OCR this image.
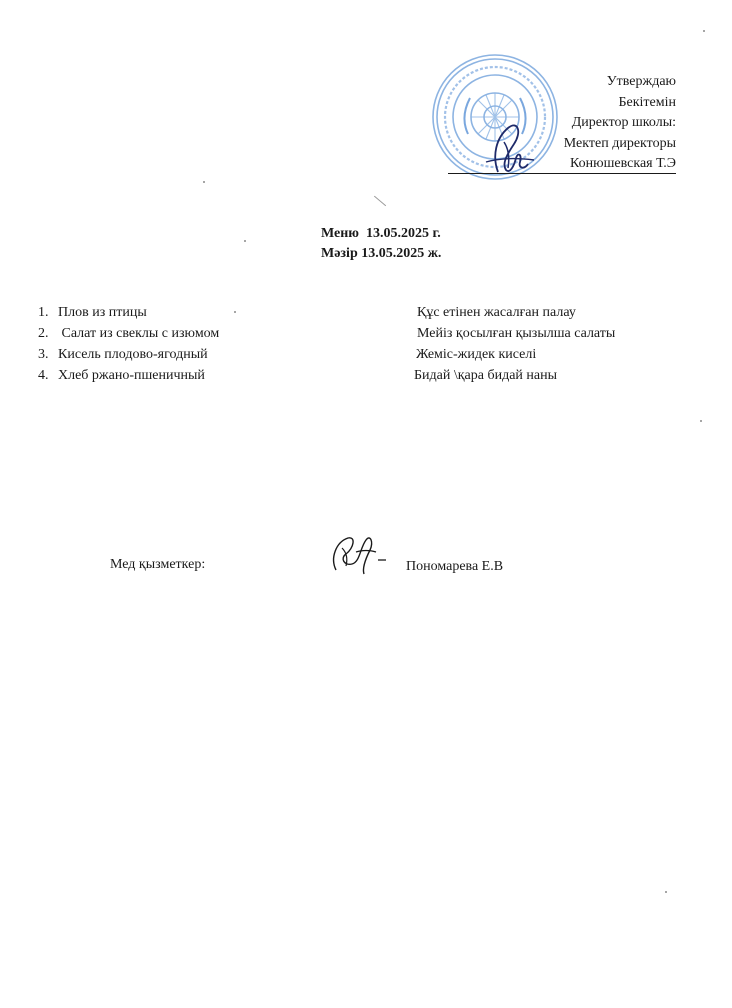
Утверждаю
Бекітемін
Директор школы:
Мектеп директоры
Конюшевская Т.Э
Меню  13.05.2025 г.
Мәзір 13.05.2025 ж.
1. Плов из птицы
2. Салат из свеклы с изюмом
3. Кисель плодово-ягодный
4. Хлеб ржано-пшеничный
Құс етінен жасалған палау
Мейіз қосылған қызылша салаты
Жеміс-жидек киселі
Бидай \қара бидай наны
Мед қызметкер:	Пономарева Е.В
